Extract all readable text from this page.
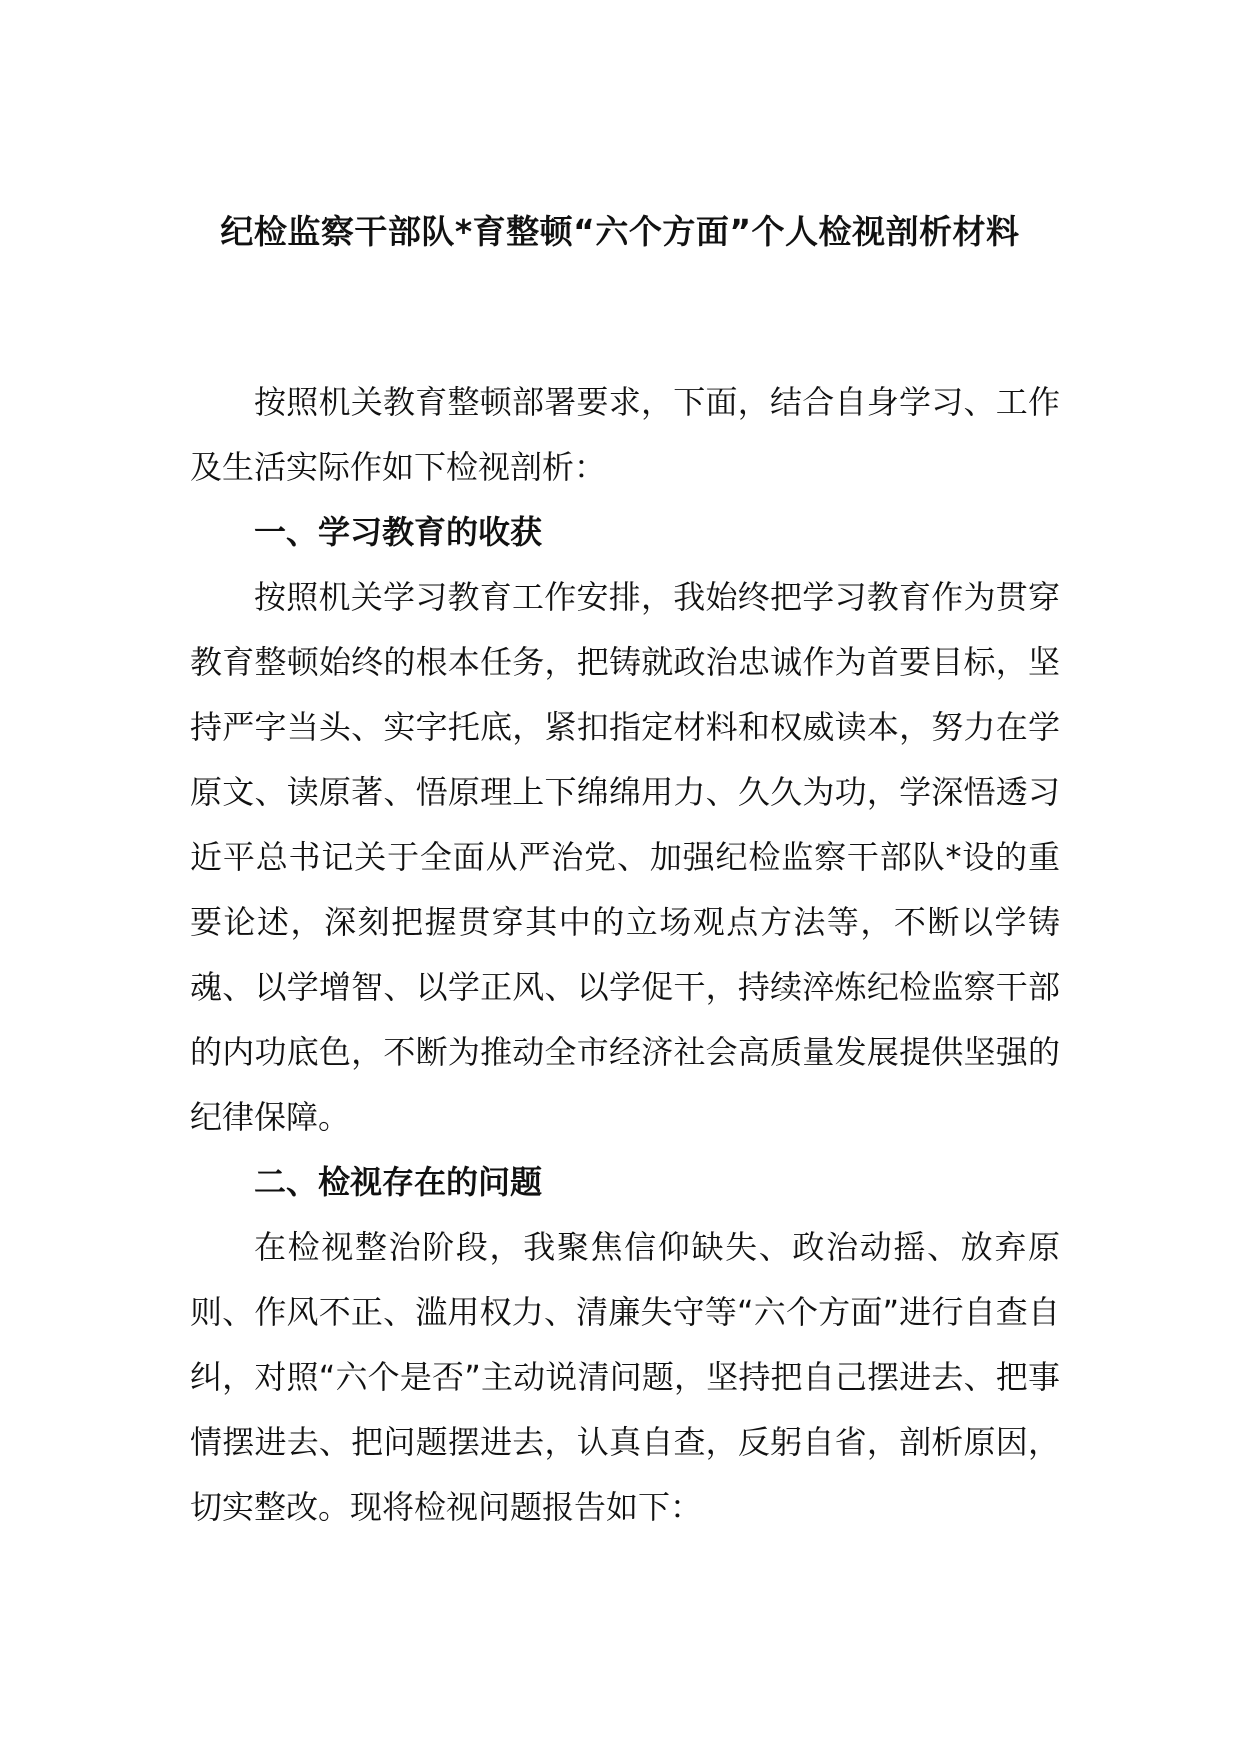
纪检监察干部队*育整顿“六个方面”个人检视剖析材料

按照机关教育整顿部署要求，下面，结合自身学习、工作及生活实际作如下检视剖析：

一、学习教育的收获

按照机关学习教育工作安排，我始终把学习教育作为贯穿教育整顿始终的根本任务，把铸就政治忠诚作为首要目标，坚持严字当头、实字托底，紧扣指定材料和权威读本，努力在学原文、读原著、悟原理上下绵绵用力、久久为功，学深悟透习近平总书记关于全面从严治党、加强纪检监察干部队*设的重要论述，深刻把握贯穿其中的立场观点方法等，不断以学铸魂、以学增智、以学正风、以学促干，持续淬炼纪检监察干部的内功底色，不断为推动全市经济社会高质量发展提供坚强的纪律保障。

二、检视存在的问题

在检视整治阶段，我聚焦信仰缺失、政治动摇、放弃原则、作风不正、滥用权力、清廉失守等“六个方面”进行自查自纠，对照“六个是否”主动说清问题，坚持把自己摆进去、把事情摆进去、把问题摆进去，认真自查，反躬自省，剖析原因，切实整改。现将检视问题报告如下：
